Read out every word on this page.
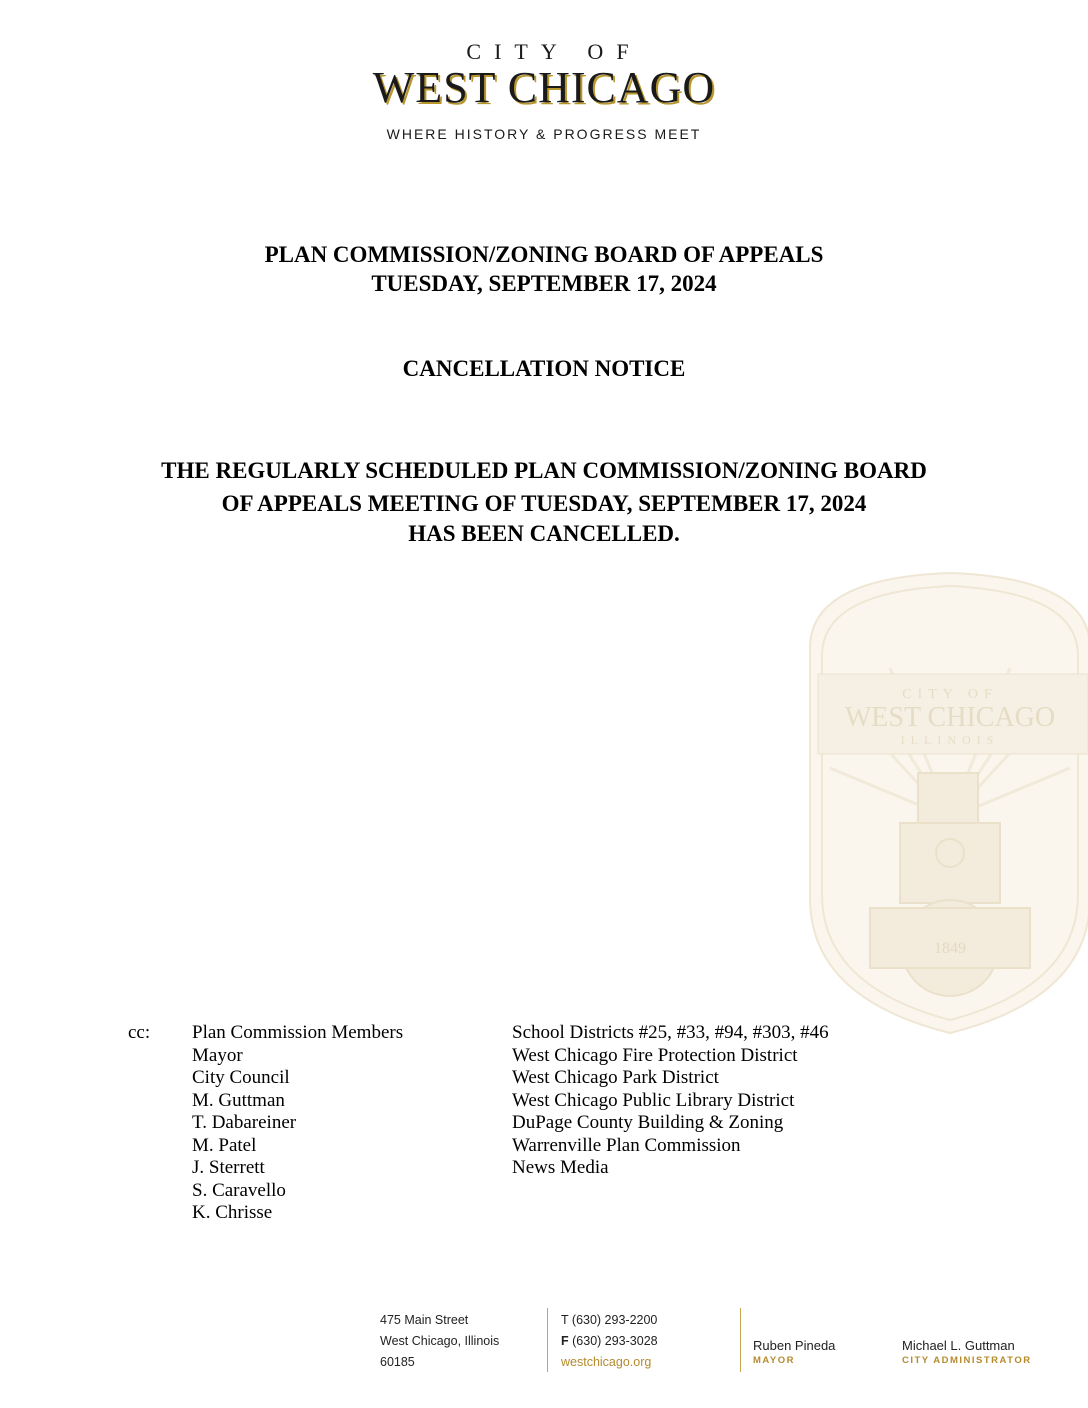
CITY OF
WEST CHICAGO
WHERE HISTORY & PROGRESS MEET
PLAN COMMISSION/ZONING BOARD OF APPEALS
TUESDAY, SEPTEMBER 17, 2024
CANCELLATION NOTICE
THE REGULARLY SCHEDULED PLAN COMMISSION/ZONING BOARD
OF APPEALS MEETING OF TUESDAY, SEPTEMBER 17, 2024
HAS BEEN CANCELLED.
CITY OF
WEST CHICAGO
ILLINOIS
1849
cc: Plan Commission Members
Mayor
City Council
M. Guttman
T. Dabareiner
M. Patel
J. Sterrett
S. Caravello
K. Chrisse
School Districts #25, #33, #94, #303, #46
West Chicago Fire Protection District
West Chicago Park District
West Chicago Public Library District
DuPage County Building & Zoning
Warrenville Plan Commission
News Media
475 Main Street
West Chicago, Illinois
60185
T (630) 293-2200
F (630) 293-3028
westchicago.org
Ruben Pineda
MAYOR
Michael L. Guttman
CITY ADMINISTRATOR
